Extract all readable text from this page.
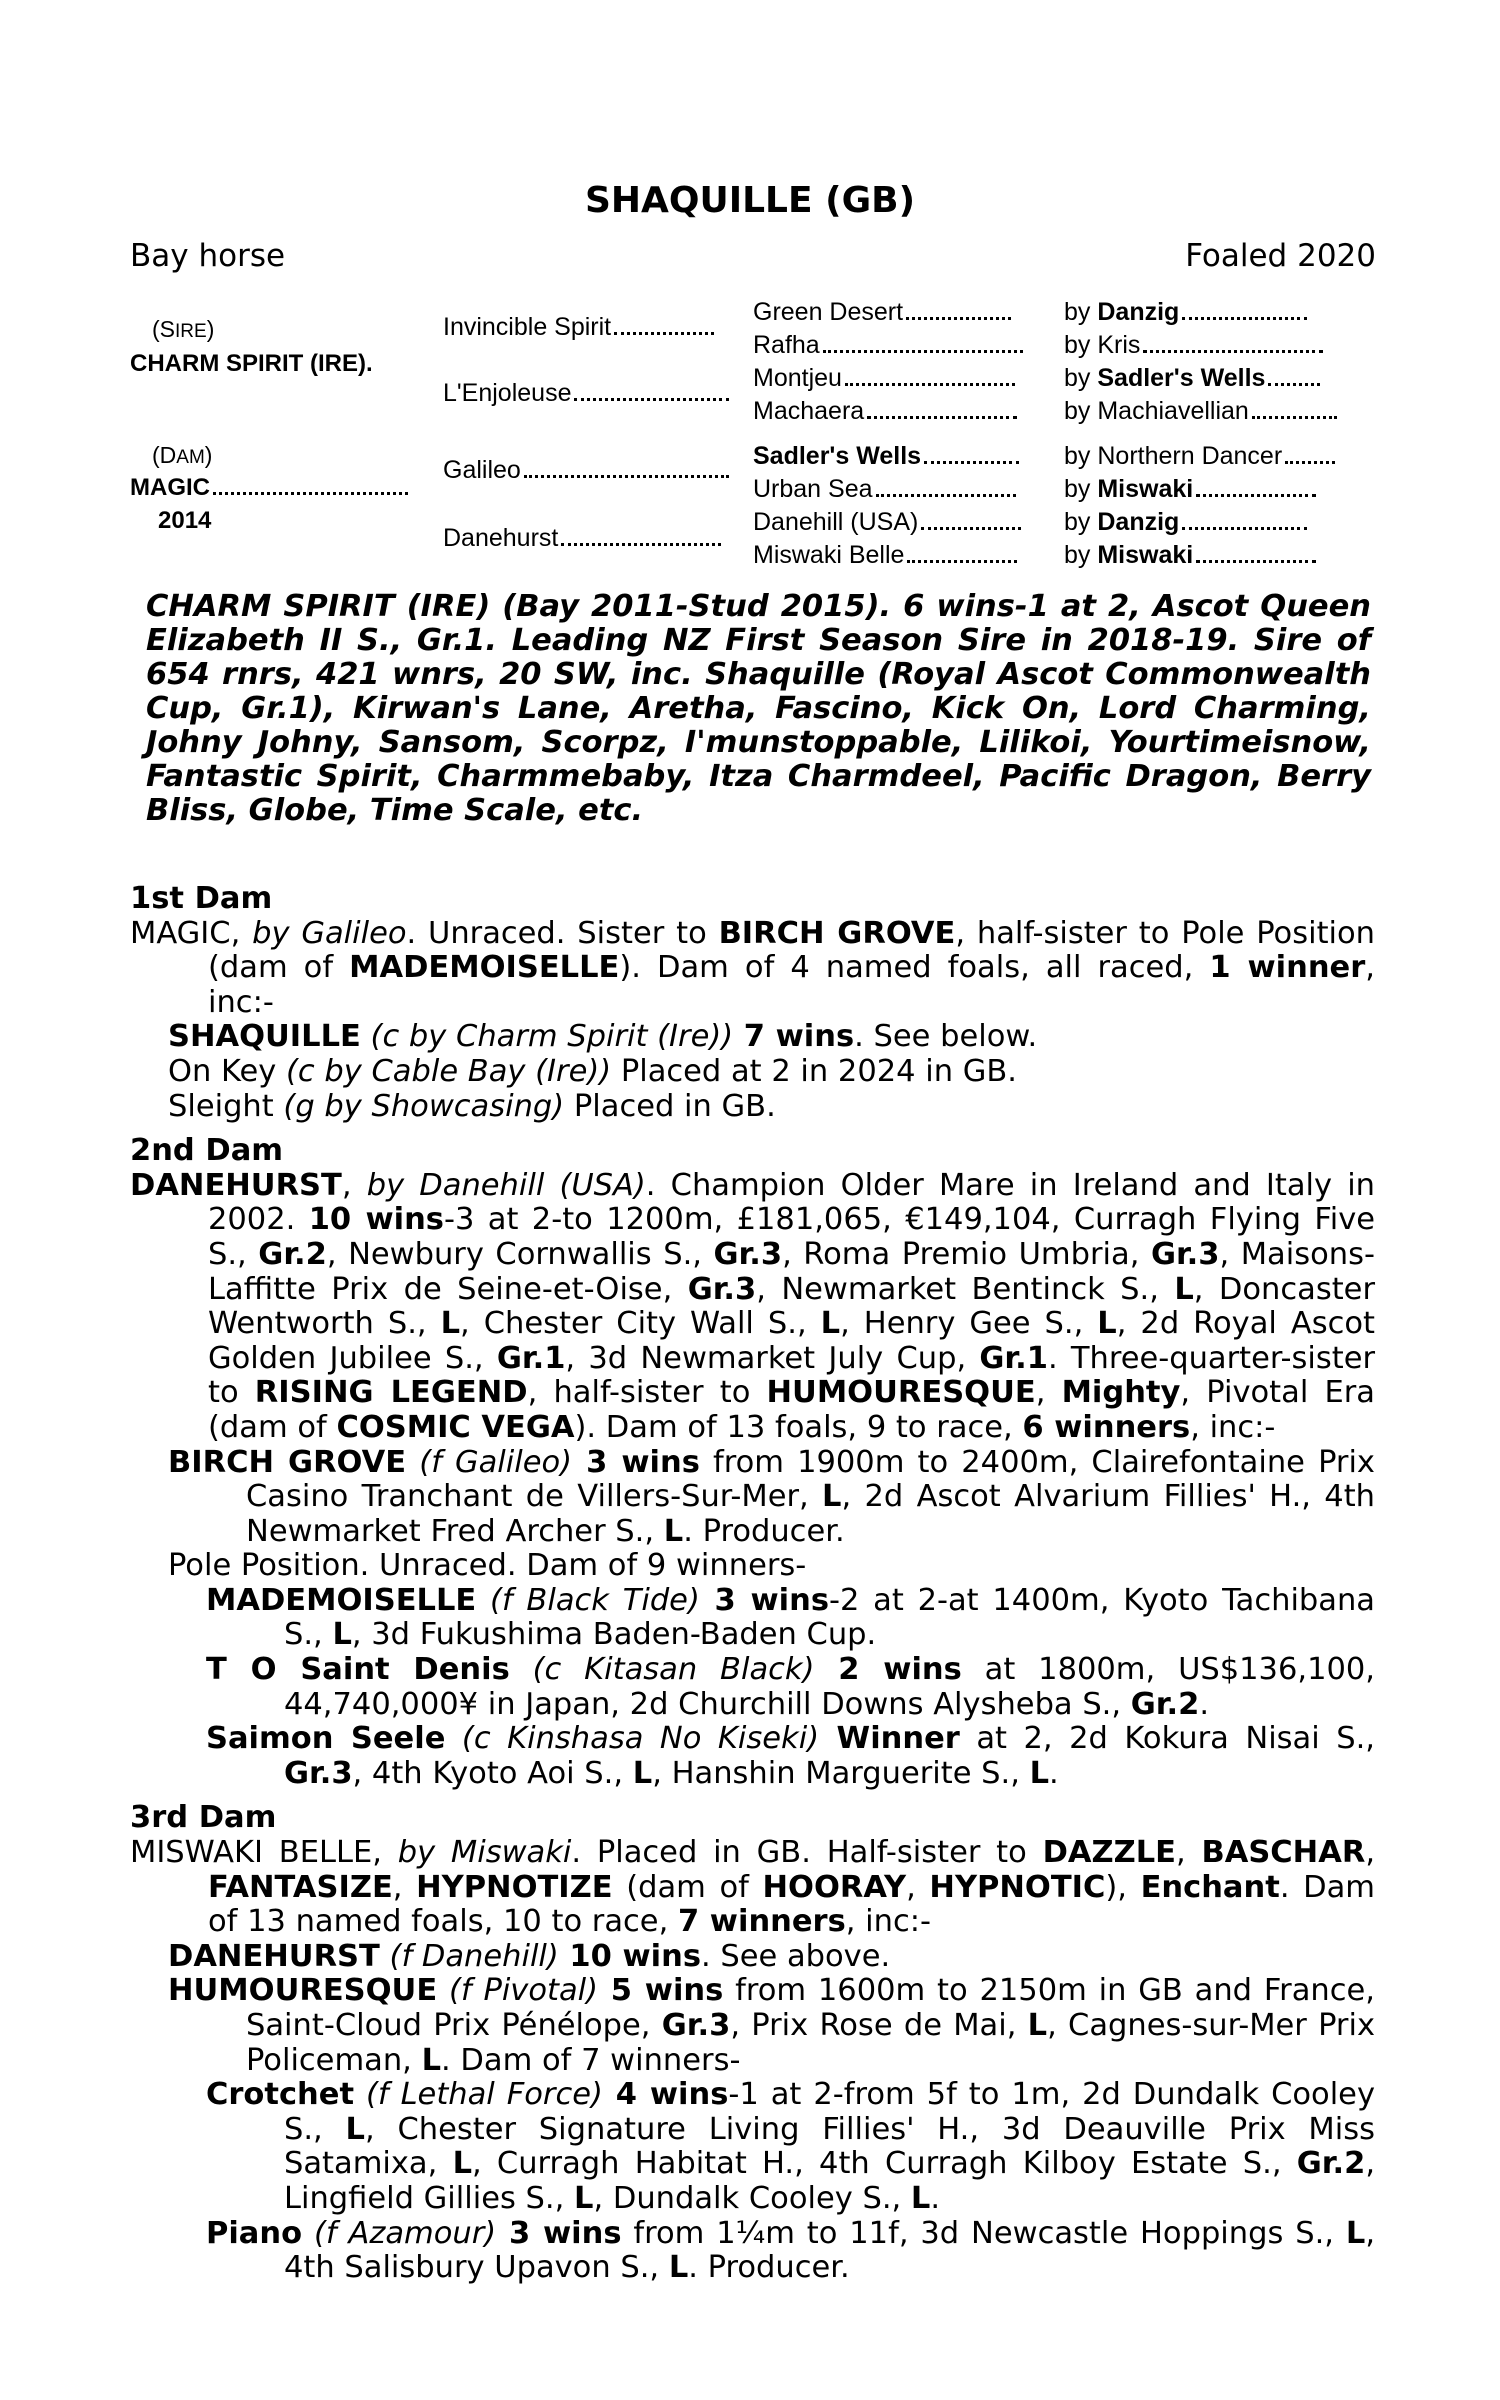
SHAQUILLE (GB)
Bay horse	Foaled 2020
(SIRE)
CHARM SPIRIT (IRE).
(DAM)
MAGIC
2014
Invincible Spirit
L'Enjoleuse
Galileo
Danehurst
Green Desert
Rafha
Montjeu
Machaera
Sadler's Wells
Urban Sea
Danehill (USA)
Miswaki Belle
by Danzig
by Kris
by Sadler's Wells
by Machiavellian
by Northern Dancer
by Miswaki
by Danzig
by Miswaki
CHARM SPIRIT (IRE) (Bay 2011-Stud 2015). 6 wins-1 at 2, Ascot Queen Elizabeth II S., Gr.1. Leading NZ First Season Sire in 2018-19. Sire of 654 rnrs, 421 wnrs, 20 SW, inc. Shaquille (Royal Ascot Commonwealth Cup, Gr.1), Kirwan's Lane, Aretha, Fascino, Kick On, Lord Charming, Johny Johny, Sansom, Scorpz, I'munstoppable, Lilikoi, Yourtimeisnow, Fantastic Spirit, Charmmebaby, Itza Charmdeel, Pacific Dragon, Berry Bliss, Globe, Time Scale, etc.

1st Dam

MAGIC, by Galileo. Unraced. Sister to BIRCH GROVE, half-sister to Pole Position (dam of MADEMOISELLE). Dam of 4 named foals, all raced, 1 winner, inc:-

SHAQUILLE (c by Charm Spirit (Ire)) 7 wins. See below.

On Key (c by Cable Bay (Ire)) Placed at 2 in 2024 in GB.

Sleight (g by Showcasing) Placed in GB.

2nd Dam

DANEHURST, by Danehill (USA). Champion Older Mare in Ireland and Italy in 2002. 10 wins-3 at 2-to 1200m, £181,065, €149,104, Curragh Flying Five S., Gr.2, Newbury Cornwallis S., Gr.3, Roma Premio Umbria, Gr.3, Maisons-Laffitte Prix de Seine-et-Oise, Gr.3, Newmarket Bentinck S., L, Doncaster Wentworth S., L, Chester City Wall S., L, Henry Gee S., L, 2d Royal Ascot Golden Jubilee S., Gr.1, 3d Newmarket July Cup, Gr.1. Three-quarter-sister to RISING LEGEND, half-sister to HUMOURESQUE, Mighty, Pivotal Era (dam of COSMIC VEGA). Dam of 13 foals, 9 to race, 6 winners, inc:-

BIRCH GROVE (f Galileo) 3 wins from 1900m to 2400m, Clairefontaine Prix Casino Tranchant de Villers-Sur-Mer, L, 2d Ascot Alvarium Fillies' H., 4th Newmarket Fred Archer S., L. Producer.

Pole Position. Unraced. Dam of 9 winners-

MADEMOISELLE (f Black Tide) 3 wins-2 at 2-at 1400m, Kyoto Tachibana S., L, 3d Fukushima Baden-Baden Cup.

T O Saint Denis (c Kitasan Black) 2 wins at 1800m, US$136,100, 44,740,000¥ in Japan, 2d Churchill Downs Alysheba S., Gr.2.

Saimon Seele (c Kinshasa No Kiseki) Winner at 2, 2d Kokura Nisai S., Gr.3, 4th Kyoto Aoi S., L, Hanshin Marguerite S., L.

3rd Dam

MISWAKI BELLE, by Miswaki. Placed in GB. Half-sister to DAZZLE, BASCHAR, FANTASIZE, HYPNOTIZE (dam of HOORAY, HYPNOTIC), Enchant. Dam of 13 named foals, 10 to race, 7 winners, inc:-

DANEHURST (f Danehill) 10 wins. See above.

HUMOURESQUE (f Pivotal) 5 wins from 1600m to 2150m in GB and France, Saint-Cloud Prix Pénélope, Gr.3, Prix Rose de Mai, L, Cagnes-sur-Mer Prix Policeman, L. Dam of 7 winners-

Crotchet (f Lethal Force) 4 wins-1 at 2-from 5f to 1m, 2d Dundalk Cooley S., L, Chester Signature Living Fillies' H., 3d Deauville Prix Miss Satamixa, L, Curragh Habitat H., 4th Curragh Kilboy Estate S., Gr.2, Lingfield Gillies S., L, Dundalk Cooley S., L.

Piano (f Azamour) 3 wins from 1¼m to 11f, 3d Newcastle Hoppings S., L, 4th Salisbury Upavon S., L. Producer.
